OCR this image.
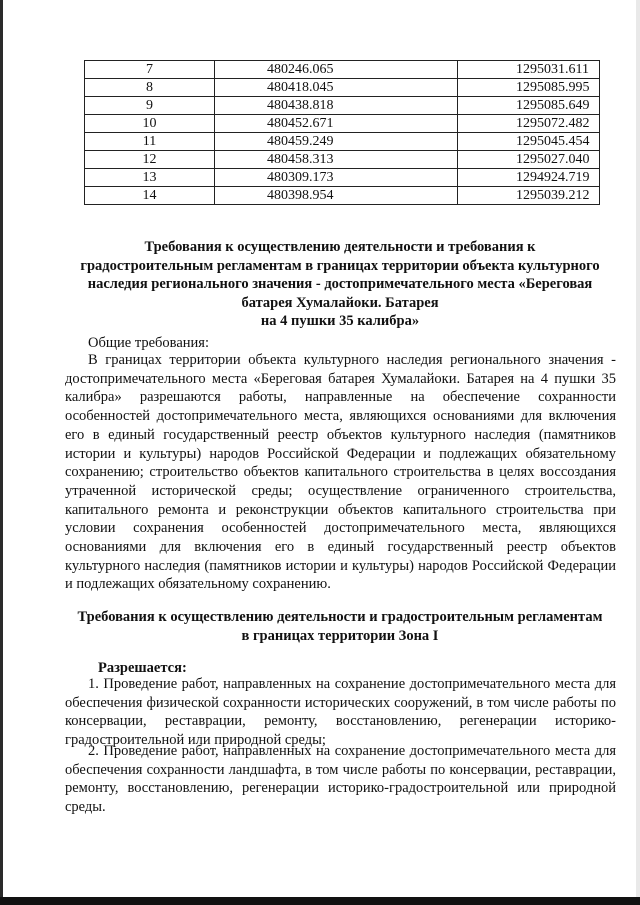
7	480246.065	1295031.611
8	480418.045	1295085.995
9	480438.818	1295085.649
10	480452.671	1295072.482
11	480459.249	1295045.454
12	480458.313	1295027.040
13	480309.173	1294924.719
14	480398.954	1295039.212
Требования к осуществлению деятельности и требования к
градостроительным регламентам в границах территории объекта культурного
наследия регионального значения - достопримечательного места «Береговая
батарея Хумалайоки. Батарея
на 4 пушки 35 калибра»
Общие требования:

В границах территории объекта культурного наследия регионального значения - достопримечательного места «Береговая батарея Хумалайоки. Батарея на 4 пушки 35 калибра» разрешаются работы, направленные на обеспечение сохранности особенностей достопримечательного места, являющихся основаниями для включения его в единый государственный реестр объектов культурного наследия (памятников истории и культуры) народов Российской Федерации и подлежащих обязательному сохранению; строительство объектов капитального строительства в целях воссоздания утраченной исторической среды; осуществление ограниченного строительства, капитального ремонта и реконструкции объектов капитального строительства при условии сохранения особенностей достопримечательного места, являющихся основаниями для включения его в единый государственный реестр объектов культурного наследия (памятников истории и культуры) народов Российской Федерации и подлежащих обязательному сохранению.

Требования к осуществлению деятельности и градостроительным регламентам
в границах территории Зона I
Разрешается:

1. Проведение работ, направленных на сохранение достопримечательного места для обеспечения физической сохранности исторических сооружений, в том числе работы по консервации, реставрации, ремонту, восстановлению, регенерации историко-градостроительной или природной среды;

2. Проведение работ, направленных на сохранение достопримечательного места для обеспечения сохранности ландшафта, в том числе работы по консервации, реставрации, ремонту, восстановлению, регенерации историко-градостроительной или природной среды.
